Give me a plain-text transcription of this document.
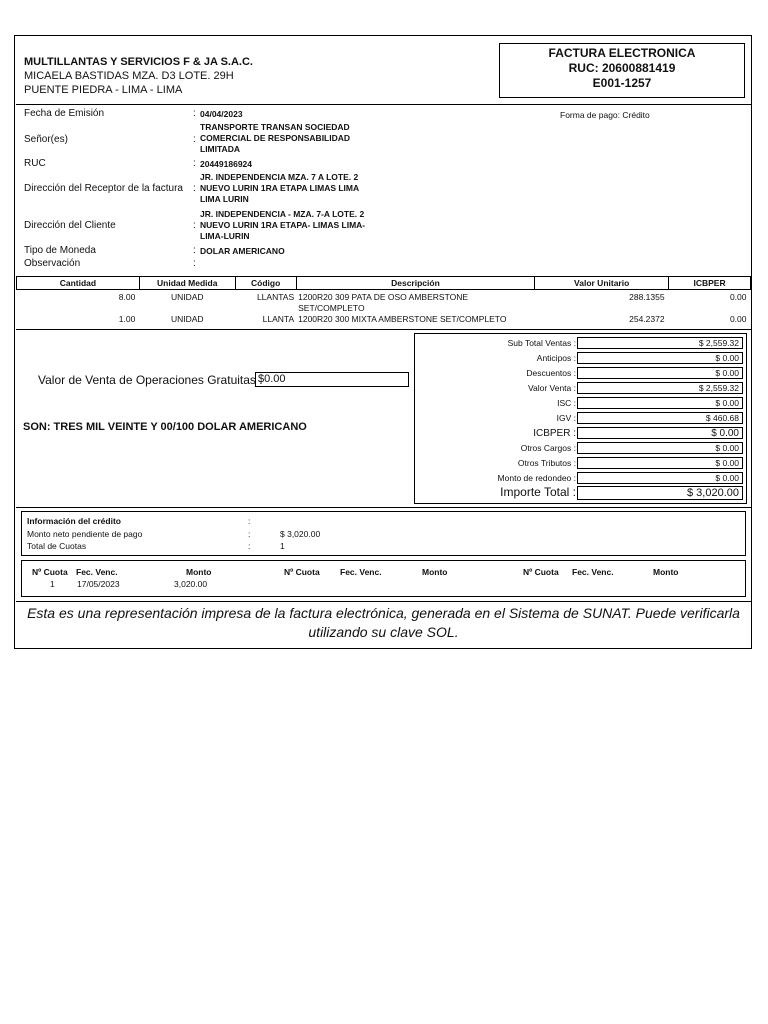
MULTILLANTAS Y SERVICIOS F & JA S.A.C.
MICAELA BASTIDAS MZA. D3 LOTE. 29H
PUENTE PIEDRA - LIMA - LIMA
FACTURA ELECTRONICA
RUC: 20600881419
E001-1257
Fecha de Emisión	: 04/04/2023	Forma de pago: Crédito
Señor(es)	:
TRANSPORTE TRANSAN SOCIEDAD COMERCIAL DE RESPONSABILIDAD LIMITADA
RUC	: 20449186924
Dirección del Receptor de la factura :
JR. INDEPENDENCIA MZA. 7 A LOTE. 2 NUEVO LURIN 1RA ETAPA LIMAS LIMA LIMA LURIN
Dirección del Cliente	:
JR. INDEPENDENCIA - MZA. 7-A LOTE. 2 NUEVO LURIN 1RA ETAPA- LIMAS LIMA-LIMA-LURIN
Tipo de Moneda	: DOLAR AMERICANO
Observación	:
Cantidad	Unidad Medida	Código	Descripción	Valor Unitario	ICBPER
8.00	UNIDAD	LLANTAS	1200R20 309 PATA DE OSO AMBERSTONE SET/COMPLETO	288.1355	0.00
1.00	UNIDAD	LLANTA	1200R20 300 MIXTA AMBERSTONE SET/COMPLETO	254.2372	0.00
Valor de Venta de Operaciones Gratuitas :
$0.00
SON: TRES MIL VEINTE Y 00/100 DOLAR AMERICANO
Sub Total Ventas :	$ 2,559.32
Anticipos :	$ 0.00
Descuentos :	$ 0.00
Valor Venta :	$ 2,559.32
ISC :	$ 0.00
IGV :	$ 460.68
ICBPER :	$ 0.00
Otros Cargos :	$ 0.00
Otros Tributos :	$ 0.00
Monto de redondeo :	$ 0.00
Importe Total :	$ 3,020.00
Información del crédito	:
Monto neto pendiente de pago	:	$ 3,020.00
Total de Cuotas	:	1
Nº Cuota Fec. Venc.	Monto	Nº Cuota Fec. Venc.	Monto	Nº Cuota Fec. Venc.	Monto
1	17/05/2023	3,020.00
Esta es una representación impresa de la factura electrónica, generada en el Sistema de SUNAT. Puede verificarla utilizando su clave SOL.
